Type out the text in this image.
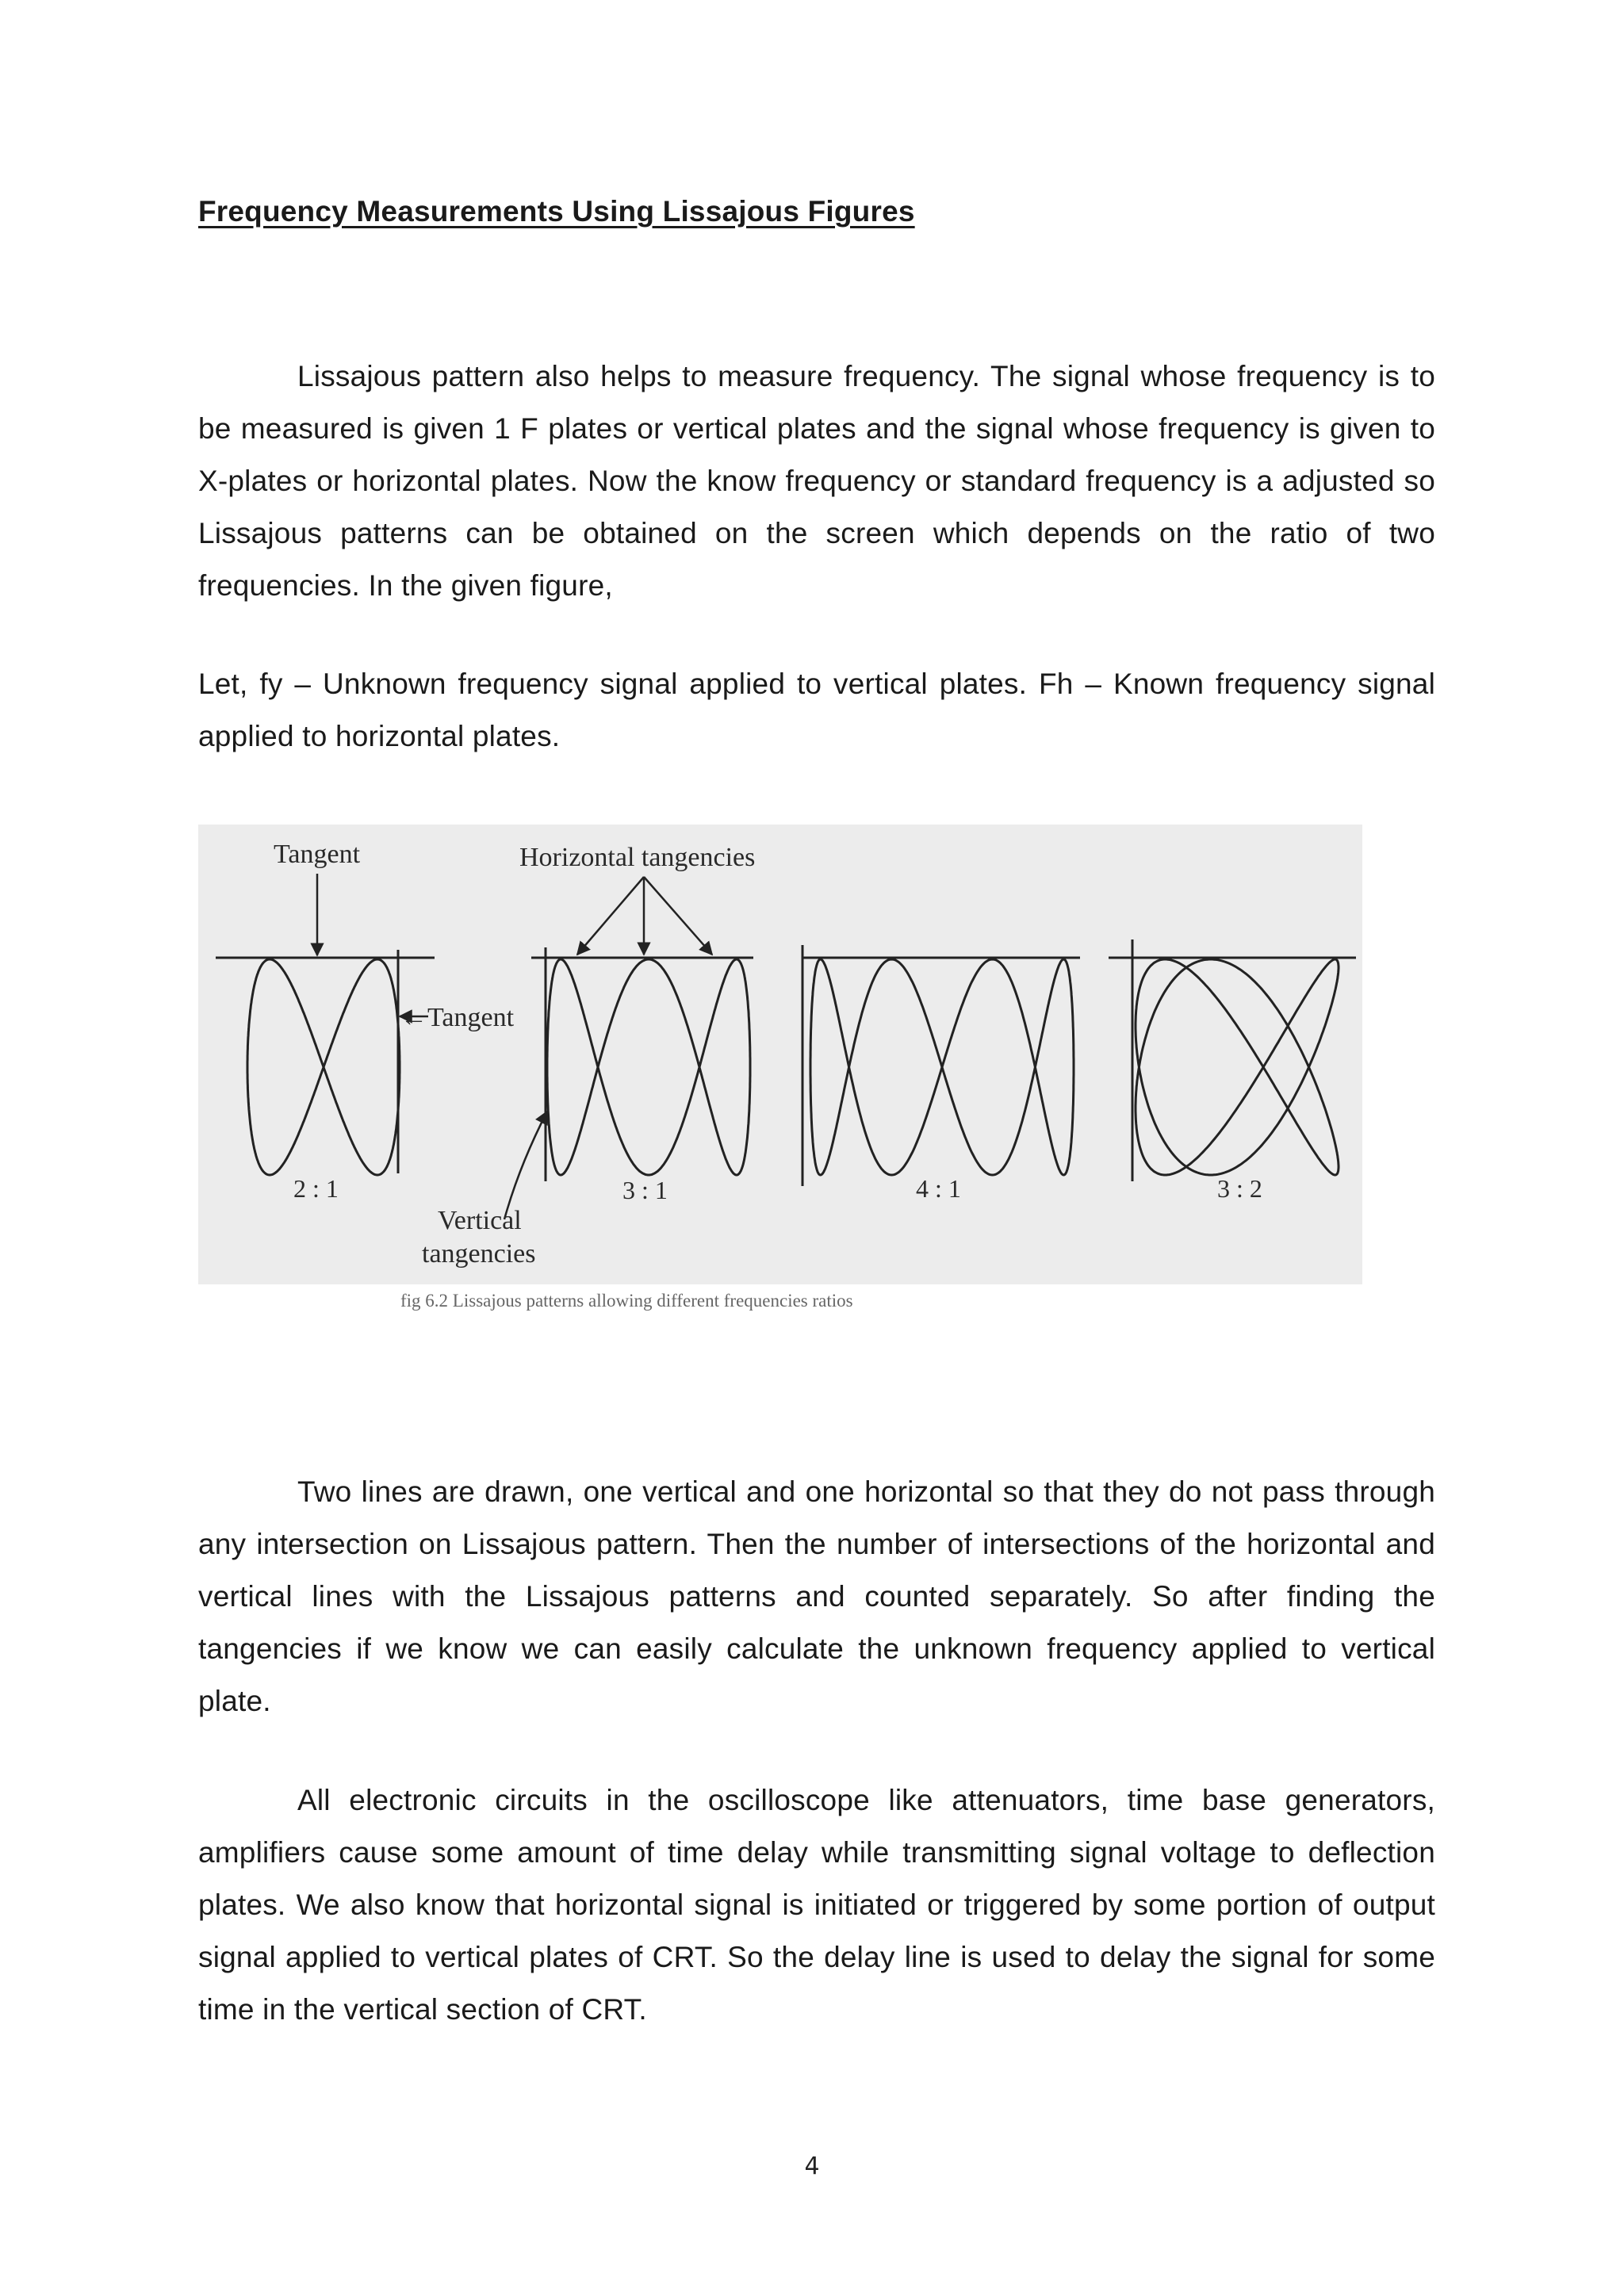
Frequency Measurements Using Lissajous Figures

Lissajous pattern also helps to measure frequency. The signal whose frequency is to be measured is given 1 F plates or vertical plates and the signal whose frequency is given to X-plates or horizontal plates. Now the know frequency or standard frequency is a adjusted so Lissajous patterns can be obtained on the screen which depends on the ratio of two frequencies. In the given figure,

Let, fy – Unknown frequency signal applied to vertical plates. Fh – Known frequency signal applied to horizontal plates.

Tangent	Horizontal tangencies
←Tangent
Vertical
tangencies
2 : 1	3 : 1	4 : 1	3 : 2
fig 6.2 Lissajous patterns allowing different frequencies ratios

Two lines are drawn, one vertical and one horizontal so that they do not pass through any intersection on Lissajous pattern. Then the number of intersections of the horizontal and vertical lines with the Lissajous patterns and counted separately. So after finding the tangencies if we know we can easily calculate the unknown frequency applied to vertical plate.

All electronic circuits in the oscilloscope like attenuators, time base generators, amplifiers cause some amount of time delay while transmitting signal voltage to deflection plates. We also know that horizontal signal is initiated or triggered by some portion of output signal applied to vertical plates of CRT. So the delay line is used to delay the signal for some time in the vertical section of CRT.

4
